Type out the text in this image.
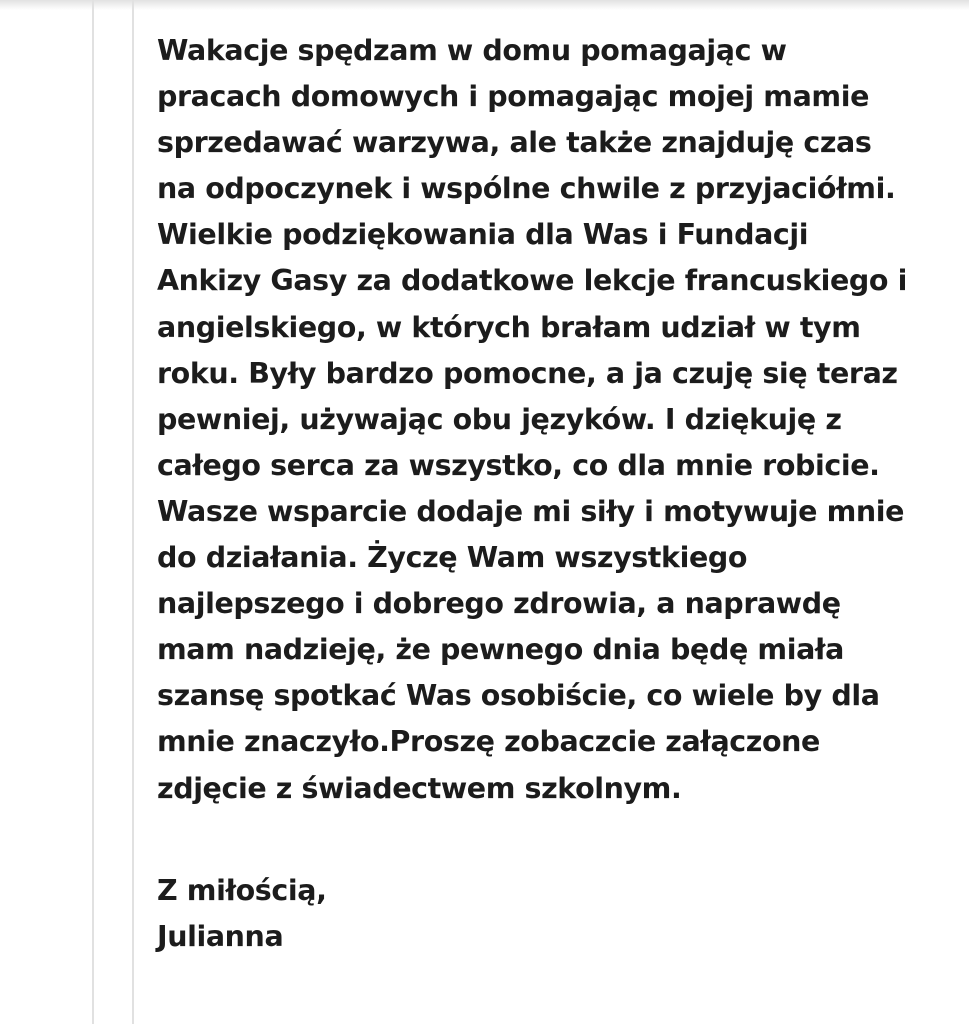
Wakacje spędzam w domu pomagając w
pracach domowych i pomagając mojej mamie
sprzedawać warzywa, ale także znajduję czas
na odpoczynek i wspólne chwile z przyjaciółmi.
Wielkie podziękowania dla Was i Fundacji
Ankizy Gasy za dodatkowe lekcje francuskiego i
angielskiego, w których brałam udział w tym
roku. Były bardzo pomocne, a ja czuję się teraz
pewniej, używając obu języków. I dziękuję z
całego serca za wszystko, co dla mnie robicie.
Wasze wsparcie dodaje mi siły i motywuje mnie
do działania. Życzę Wam wszystkiego
najlepszego i dobrego zdrowia, a naprawdę
mam nadzieję, że pewnego dnia będę miała
szansę spotkać Was osobiście, co wiele by dla
mnie znaczyło.Proszę zobaczcie załączone
zdjęcie z świadectwem szkolnym.

Z miłością,
Julianna
